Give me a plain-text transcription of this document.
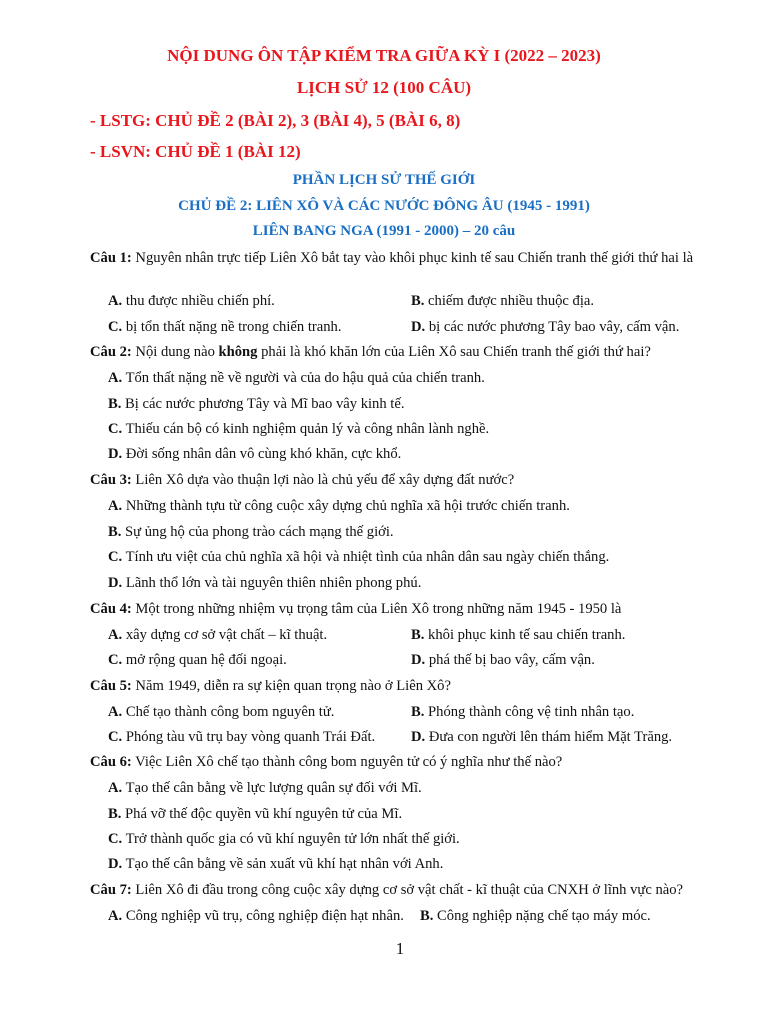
NỘI DUNG ÔN TẬP KIỂM TRA GIỮA KỲ I (2022 – 2023)
LỊCH SỬ 12 (100 CÂU)
- LSTG: CHỦ ĐỀ 2 (BÀI 2), 3 (BÀI 4), 5 (BÀI 6, 8)
- LSVN: CHỦ ĐỀ 1 (BÀI 12)
PHẦN LỊCH SỬ THẾ GIỚI
CHỦ ĐỀ 2: LIÊN XÔ VÀ CÁC NƯỚC ĐÔNG ÂU (1945 - 1991)
LIÊN BANG NGA (1991 - 2000) – 20 câu
Câu 1: Nguyên nhân trực tiếp Liên Xô bắt tay vào khôi phục kinh tế sau Chiến tranh thế giới thứ hai là
A. thu được nhiều chiến phí.	B. chiếm được nhiều thuộc địa.
C. bị tổn thất nặng nề trong chiến tranh.	D. bị các nước phương Tây bao vây, cấm vận.
Câu 2: Nội dung nào không phải là khó khăn lớn của Liên Xô sau Chiến tranh thế giới thứ hai?
A. Tổn thất nặng nề về người và của do hậu quả của chiến tranh.
B. Bị các nước phương Tây và Mĩ bao vây kinh tế.
C. Thiếu cán bộ có kinh nghiệm quản lý và công nhân lành nghề.
D. Đời sống nhân dân vô cùng khó khăn, cực khổ.
Câu 3: Liên Xô dựa vào thuận lợi nào là chủ yếu để xây dựng đất nước?
A. Những thành tựu từ công cuộc xây dựng chủ nghĩa xã hội trước chiến tranh.
B. Sự ủng hộ của phong trào cách mạng thế giới.
C. Tính ưu việt của chủ nghĩa xã hội và nhiệt tình của nhân dân sau ngày chiến thắng.
D. Lãnh thổ lớn và tài nguyên thiên nhiên phong phú.
Câu 4: Một trong những nhiệm vụ trọng tâm của Liên Xô trong những năm 1945 - 1950 là
A. xây dựng cơ sở vật chất – kĩ thuật.	B. khôi phục kinh tế sau chiến tranh.
C. mở rộng quan hệ đối ngoại.	D. phá thế bị bao vây, cấm vận.
Câu 5: Năm 1949, diễn ra sự kiện quan trọng nào ở Liên Xô?
A. Chế tạo thành công bom nguyên tử.	B. Phóng thành công vệ tinh nhân tạo.
C. Phóng tàu vũ trụ bay vòng quanh Trái Đất. D. Đưa con người lên thám hiểm Mặt Trăng.
Câu 6: Việc Liên Xô chế tạo thành công bom nguyên tử có ý nghĩa như thế nào?
A. Tạo thế cân bằng về lực lượng quân sự đối với Mĩ.
B. Phá vỡ thế độc quyền vũ khí nguyên tử của Mĩ.
C. Trở thành quốc gia có vũ khí nguyên tử lớn nhất thế giới.
D. Tạo thế cân bằng về sản xuất vũ khí hạt nhân với Anh.
Câu 7: Liên Xô đi đầu trong công cuộc xây dựng cơ sở vật chất - kĩ thuật của CNXH ở lĩnh vực nào?
A. Công nghiệp vũ trụ, công nghiệp điện hạt nhân. B. Công nghiệp nặng chế tạo máy móc.
1
